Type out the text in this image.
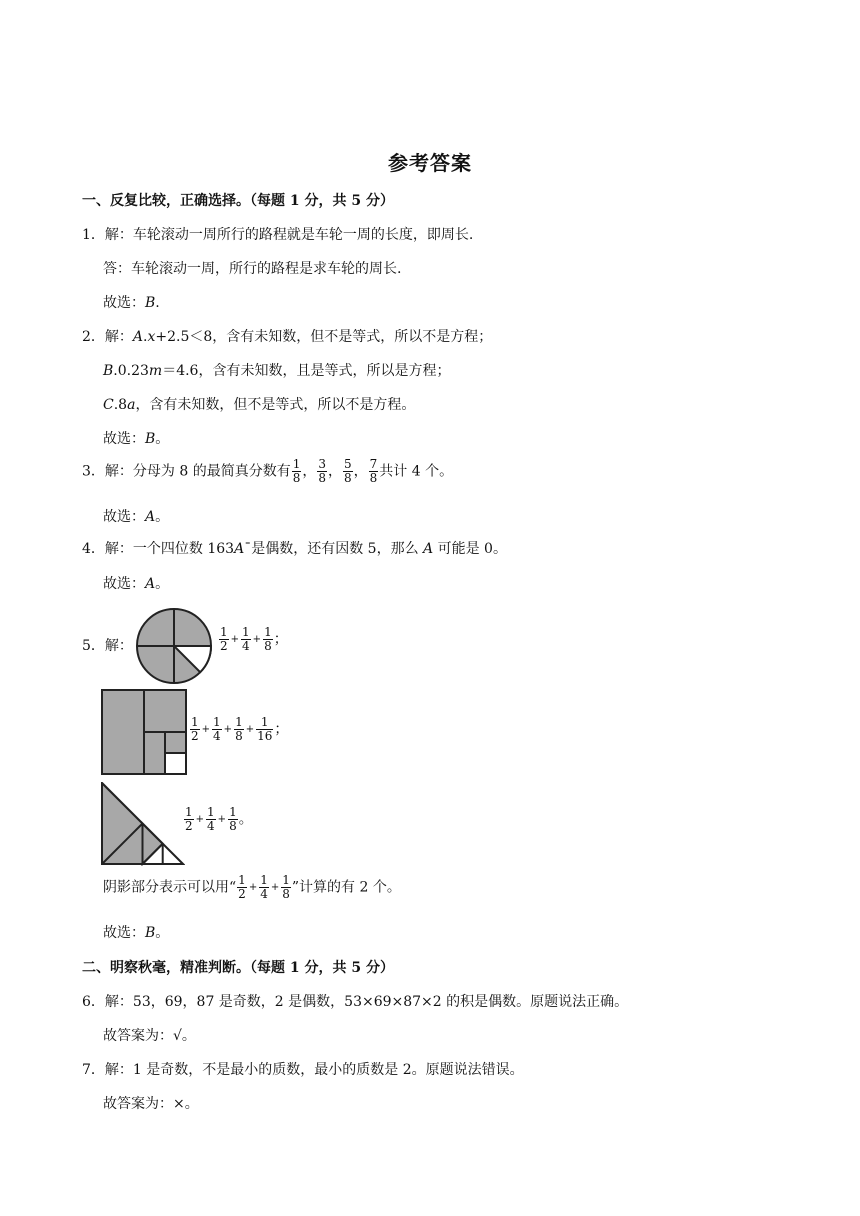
参考答案
一、反复比较，正确选择。（每题 1 分，共 5 分）
1．解：车轮滚动一周所行的路程就是车轮一周的长度，即周长.
答：车轮滚动一周，所行的路程是求车轮的周长.
故选：B.
2．解：A.x+2.5＜8，含有未知数，但不是等式，所以不是方程；
B.0.23m＝4.6，含有未知数，且是等式，所以是方程；
C.8a，含有未知数，但不是等式，所以不是方程。
故选：B。
3．解：分母为 8 的最简真分数有 $\frac{1}{8}$ ， $\frac{3}{8}$ ， $\frac{5}{8}$ ， $\frac{7}{8}$ 共计 4 个。
故选：A。
4．解：一个四位数 163A¯是偶数，还有因数 5，那么 A 可能是 0。
故选：A。
5．解：	$\frac{1}{2} + \frac{1}{4} + \frac{1}{8}$ ；
$\frac{1}{2} + \frac{1}{4} + \frac{1}{8} + \frac{1}{16}$ ；
$\frac{1}{2} + \frac{1}{4} + \frac{1}{8}$ 。
阴影部分表示可以用“ $\frac{1}{2} + \frac{1}{4} + \frac{1}{8}$ ”计算的有 2 个。
故选：B。
二、明察秋毫，精准判断。（每题 1 分，共 5 分）
6．解：53，69，87 是奇数，2 是偶数，53×69×87×2 的积是偶数。原题说法正确。
故答案为：√。
7．解：1 是奇数，不是最小的质数，最小的质数是 2。原题说法错误。
故答案为：×。
